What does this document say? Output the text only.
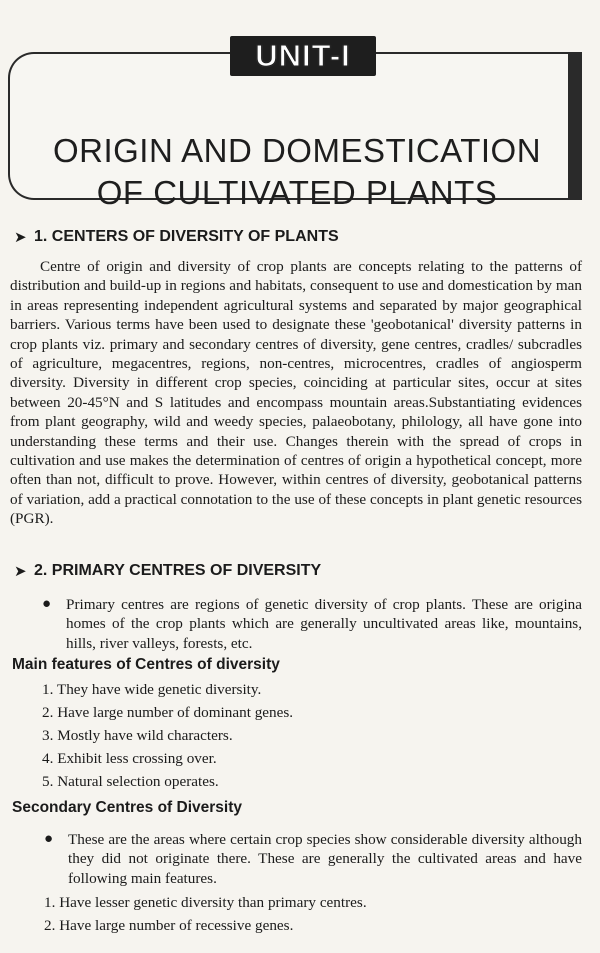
ORIGIN AND DOMESTICATION
OF CULTIVATED PLANTS
UNIT-I
➤ 1. CENTERS OF DIVERSITY OF PLANTS
Centre of origin and diversity of crop plants are concepts relating to the patterns of distribution and build-up in regions and habitats, consequent to use and domestication by man in areas representing independent agricultural systems and separated by major geographical barriers. Various terms have been used to designate these 'geobotanical' diversity patterns in crop plants viz. primary and secondary centres of diversity, gene centres, cradles/ subcradles of agriculture, megacentres, regions, non-centres, microcentres, cradles of angiosperm diversity. Diversity in different crop species, coinciding at particular sites, occur at sites between 20-45°N and S latitudes and encompass mountain areas.Substantiating evidences from plant geography, wild and weedy species, palaeobotany, philology, all have gone into understanding these terms and their use. Changes therein with the spread of crops in cultivation and use makes the determination of centres of origin a hypothetical concept, more often than not, difficult to prove. However, within centres of diversity, geobotanical patterns of variation, add a practical connotation to the use of these concepts in plant genetic resources (PGR).
➤ 2. PRIMARY CENTRES OF DIVERSITY
● Primary centres are regions of genetic diversity of crop plants. These are origina homes of the crop plants which are generally uncultivated areas like, mountains, hills, river valleys, forests, etc.
Main features of Centres of diversity
1. They have wide genetic diversity.
2. Have large number of dominant genes.
3. Mostly have wild characters.
4. Exhibit less crossing over.
5. Natural selection operates.
Secondary Centres of Diversity
● These are the areas where certain crop species show considerable diversity although they did not originate there. These are generally the cultivated areas and have following main features.
1. Have lesser genetic diversity than primary centres.
2. Have large number of recessive genes.
